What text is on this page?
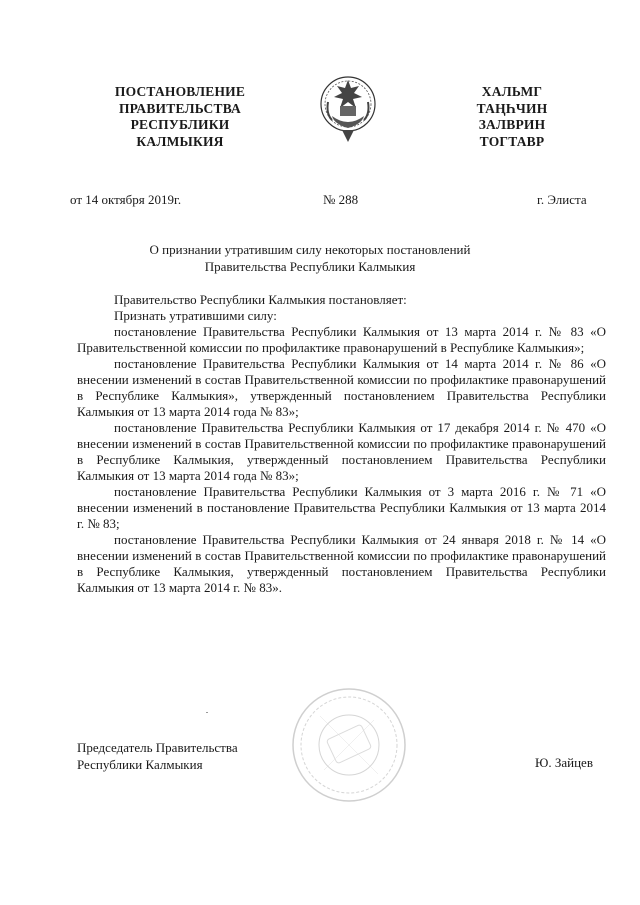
ПОСТАНОВЛЕНИЕ
ПРАВИТЕЛЬСТВА
РЕСПУБЛИКИ
КАЛМЫКИЯ
ХАЛЬМГ
ТАҢҺЧИН
ЗАЛВРИН
ТОГТАВР
от 14 октября 2019г.	№ 288	г. Элиста
О признании утратившим силу некоторых постановлений
Правительства Республики Калмыкия

Правительство Республики Калмыкия постановляет:

Признать утратившими силу:

постановление Правительства Республики Калмыкия от 13 марта 2014 г. № 83 «О Правительственной комиссии по профилактике правонарушений в Республике Калмыкия»;

постановление Правительства Республики Калмыкия от 14 марта 2014 г. № 86 «О внесении изменений в состав Правительственной комиссии по профилактике правонарушений в Республике Калмыкия», утвержденный постановлением Правительства Республики Калмыкия от 13 марта 2014 года № 83»;

постановление Правительства Республики Калмыкия от 17 декабря 2014 г. № 470 «О внесении изменений в состав Правительственной комиссии по профилактике правонарушений в Республике Калмыкия, утвержденный постановлением Правительства Республики Калмыкия от 13 марта 2014 года № 83»;

постановление Правительства Республики Калмыкия от 3 марта 2016 г. № 71 «О внесении изменений в постановление Правительства Республики Калмыкия от 13 марта 2014 г. № 83;

постановление Правительства Республики Калмыкия от 24 января 2018 г. № 14 «О внесении изменений в состав Правительственной комиссии по профилактике правонарушений в Республике Калмыкия, утвержденный постановлением Правительства Республики Калмыкия от 13 марта 2014 г. № 83».

Председатель Правительства
Республики Калмыкия	Ю. Зайцев
